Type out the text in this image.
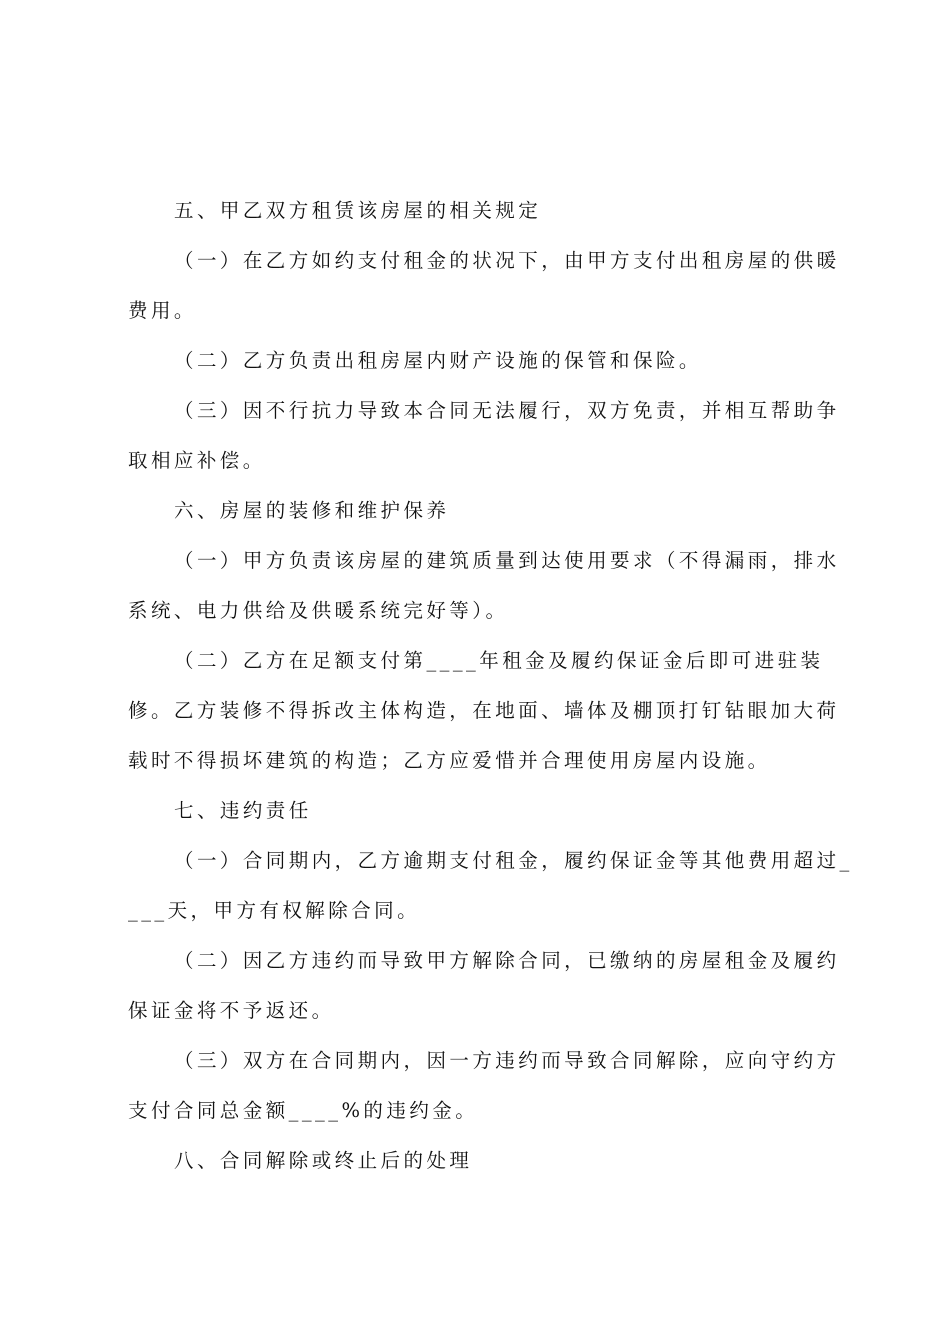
五、甲乙双方租赁该房屋的相关规定
（一）在乙方如约支付租金的状况下，由甲方支付出租房屋的供暖
费用。
（二）乙方负责出租房屋内财产设施的保管和保险。
（三）因不行抗力导致本合同无法履行，双方免责，并相互帮助争
取相应补偿。
六、房屋的装修和维护保养
（一）甲方负责该房屋的建筑质量到达使用要求（不得漏雨，排水
系统、电力供给及供暖系统完好等）。
（二）乙方在足额支付第____年租金及履约保证金后即可进驻装
修。乙方装修不得拆改主体构造，在地面、墙体及棚顶打钉钻眼加大荷
载时不得损坏建筑的构造；乙方应爱惜并合理使用房屋内设施。
七、违约责任
（一）合同期内，乙方逾期支付租金，履约保证金等其他费用超过_
___天，甲方有权解除合同。
（二）因乙方违约而导致甲方解除合同，已缴纳的房屋租金及履约
保证金将不予返还。
（三）双方在合同期内，因一方违约而导致合同解除，应向守约方
支付合同总金额____%的违约金。
八、合同解除或终止后的处理
